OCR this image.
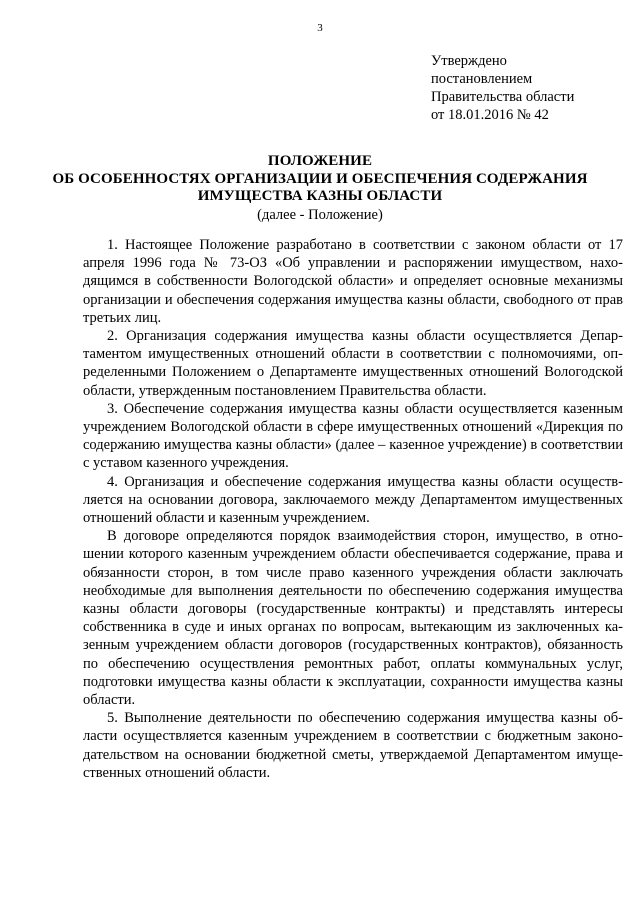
3
Утверждено
постановлением
Правительства области
от 18.01.2016 № 42
ПОЛОЖЕНИЕ
ОБ ОСОБЕННОСТЯХ ОРГАНИЗАЦИИ И ОБЕСПЕЧЕНИЯ СОДЕРЖАНИЯ
ИМУЩЕСТВА КАЗНЫ ОБЛАСТИ
(далее - Положение)

1. Настоящее Положение разработано в соответствии с законом области от 17 апреля 1996 года № 73-ОЗ «Об управлении и распоряжении имуществом, находящимся в собственности Вологодской области» и определяет основные механизмы организации и обеспечения содержания имущества казны области, свободного от прав третьих лиц.

2. Организация содержания имущества казны области осуществляется Департаментом имущественных отношений области в соответствии с полномочиями, определенными Положением о Департаменте имущественных отношений Вологодской области, утвержденным постановлением Правительства области.

3. Обеспечение содержания имущества казны области осуществляется казенным учреждением Вологодской области в сфере имущественных отношений «Дирекция по содержанию имущества казны области» (далее – казенное учреждение) в соответствии с уставом казенного учреждения.

4. Организация и обеспечение содержания имущества казны области осуществляется на основании договора, заключаемого между Департаментом имущественных отношений области и казенным учреждением.

В договоре определяются порядок взаимодействия сторон, имущество, в отношении которого казенным учреждением области обеспечивается содержание, права и обязанности сторон, в том числе право казенного учреждения области заключать необходимые для выполнения деятельности по обеспечению содержания имущества казны области договоры (государственные контракты) и представлять интересы собственника в суде и иных органах по вопросам, вытекающим из заключенных казенным учреждением области договоров (государственных контрактов), обязанность по обеспечению осуществления ремонтных работ, оплаты коммунальных услуг, подготовки имущества казны области к эксплуатации, сохранности имущества казны области.

5. Выполнение деятельности по обеспечению содержания имущества казны области осуществляется казенным учреждением в соответствии с бюджетным законодательством на основании бюджетной сметы, утверждаемой Департаментом имущественных отношений области.
